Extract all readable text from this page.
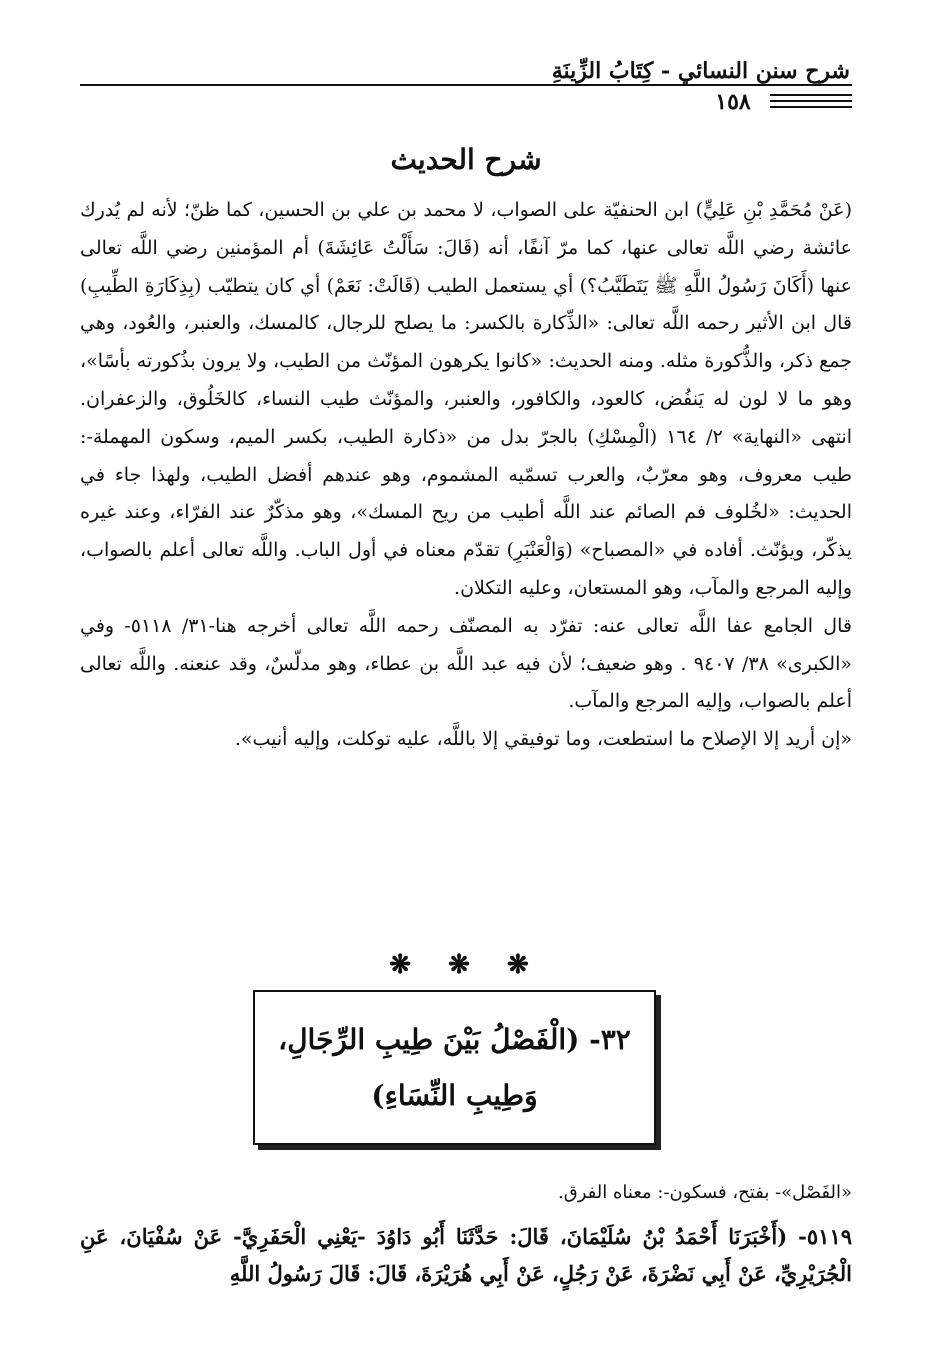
شرح سنن النسائي - كِتَابُ الزِّينَةِ
١٥٨
شرح الحديث

(عَنْ مُحَمَّدِ بْنِ عَلِيٍّ) ابن الحنفيّة على الصواب، لا محمد بن علي بن الحسين، كما ظنّ؛ لأنه لم يُدرك عائشة رضي اللَّه تعالى عنها، كما مرّ آنفًا، أنه (قَالَ: سَأَلْتُ عَائِشَةَ) أم المؤمنين رضي اللَّه تعالى عنها (أَكَانَ رَسُولُ اللَّهِ ﷺ يَتَطَيَّبُ؟) أي يستعمل الطيب (قَالَتْ: نَعَمْ) أي كان يتطيّب (بِذِكَارَةِ الطِّيبِ) قال ابن الأثير رحمه اللَّه تعالى: «الذِّكارة بالكسر: ما يصلح للرجال، كالمسك، والعنبر، والعُود، وهي جمع ذكر، والذُّكورة مثله. ومنه الحديث: «كانوا يكرهون المؤنّث من الطيب، ولا يرون بذُكورته بأسًا»، وهو ما لا لون له يَنفُض، كالعود، والكافور، والعنبر، والمؤنّث طيب النساء، كالخَلُوق، والزعفران. انتهى «النهاية» ٢/ ١٦٤ (الْمِسْكِ) بالجرّ بدل من «ذكارة الطيب، بكسر الميم، وسكون المهملة-: طيب معروف، وهو معرّبٌ، والعرب تسمّيه المشموم، وهو عندهم أفضل الطيب، ولهذا جاء في الحديث: «لخُلوف فم الصائم عند اللَّه أطيب من ريح المسك»، وهو مذكّرٌ عند الفرّاء، وعند غيره يذكّر، ويؤنّث. أفاده في «المصباح» (وَالْعَنْبَرِ) تقدّم معناه في أول الباب. واللَّه تعالى أعلم بالصواب، وإليه المرجع والمآب، وهو المستعان، وعليه التكلان.

قال الجامع عفا اللَّه تعالى عنه: تفرّد به المصنّف رحمه اللَّه تعالى أخرجه هنا-٣١/ ٥١١٨- وفي «الكبرى» ٣٨/ ٩٤٠٧ . وهو ضعيف؛ لأن فيه عبد اللَّه بن عطاء، وهو مدلّسٌ، وقد عنعنه. واللَّه تعالى أعلم بالصواب، وإليه المرجع والمآب.

«إن أريد إلا الإصلاح ما استطعت، وما توفيقي إلا باللَّه، عليه توكلت، وإليه أنيب».

❋ ❋ ❋
٣٢- (الْفَصْلُ بَيْنَ طِيبِ الرِّجَالِ،
وَطِيبِ النِّسَاءِ)
«الفَصْل»- بفتح، فسكون-: معناه الفرق.

٥١١٩- (أَخْبَرَنَا أَحْمَدُ بْنُ سُلَيْمَانَ، قَالَ: حَدَّثَنَا أَبُو دَاوُدَ -يَعْنِي الْحَفَرِيَّ- عَنْ سُفْيَانَ، عَنِ الْجُرَيْرِيِّ، عَنْ أَبِي نَضْرَةَ، عَنْ رَجُلٍ، عَنْ أَبِي هُرَيْرَةَ، قَالَ: قَالَ رَسُولُ اللَّهِ
